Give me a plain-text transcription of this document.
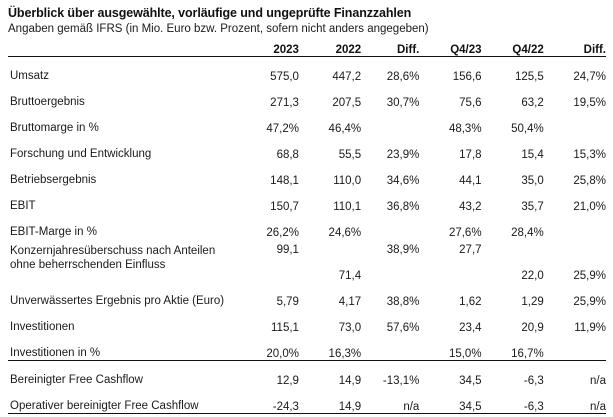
Überblick über ausgewählte, vorläufige und ungeprüfte Finanzzahlen
Angaben gemäß IFRS (in Mio. Euro bzw. Prozent, sofern nicht anders angegeben)
	2023	2022	Diff.	Q4/23	Q4/22	Diff.
Umsatz	575,0	447,2	28,6%	156,6	125,5	24,7%
Bruttoergebnis	271,3	207,5	30,7%	75,6	63,2	19,5%
Bruttomarge in %	47,2%	46,4%		48,3%	50,4%	
Forschung und Entwicklung	68,8	55,5	23,9%	17,8	15,4	15,3%
Betriebsergebnis	148,1	110,0	34,6%	44,1	35,0	25,8%
EBIT	150,7	110,1	36,8%	43,2	35,7	21,0%
EBIT-Marge in %	26,2%	24,6%		27,6%	28,4%	

Konzernjahresüberschuss nach Anteilen
ohne beherrschenden Einfluss	99,1	71,4	38,9%	27,7	22,0	25,9%
Unverwässertes Ergebnis pro Aktie (Euro)	5,79	4,17	38,8%	1,62	1,29	25,9%
Investitionen	115,1	73,0	57,6%	23,4	20,9	11,9%
Investitionen in %	20,0%	16,3%		15,0%	16,7%	
Bereinigter Free Cashflow	12,9	14,9	-13,1%	34,5	-6,3	n/a
Operativer bereinigter Free Cashflow	-24,3	14,9	n/a	34,5	-6,3	n/a
